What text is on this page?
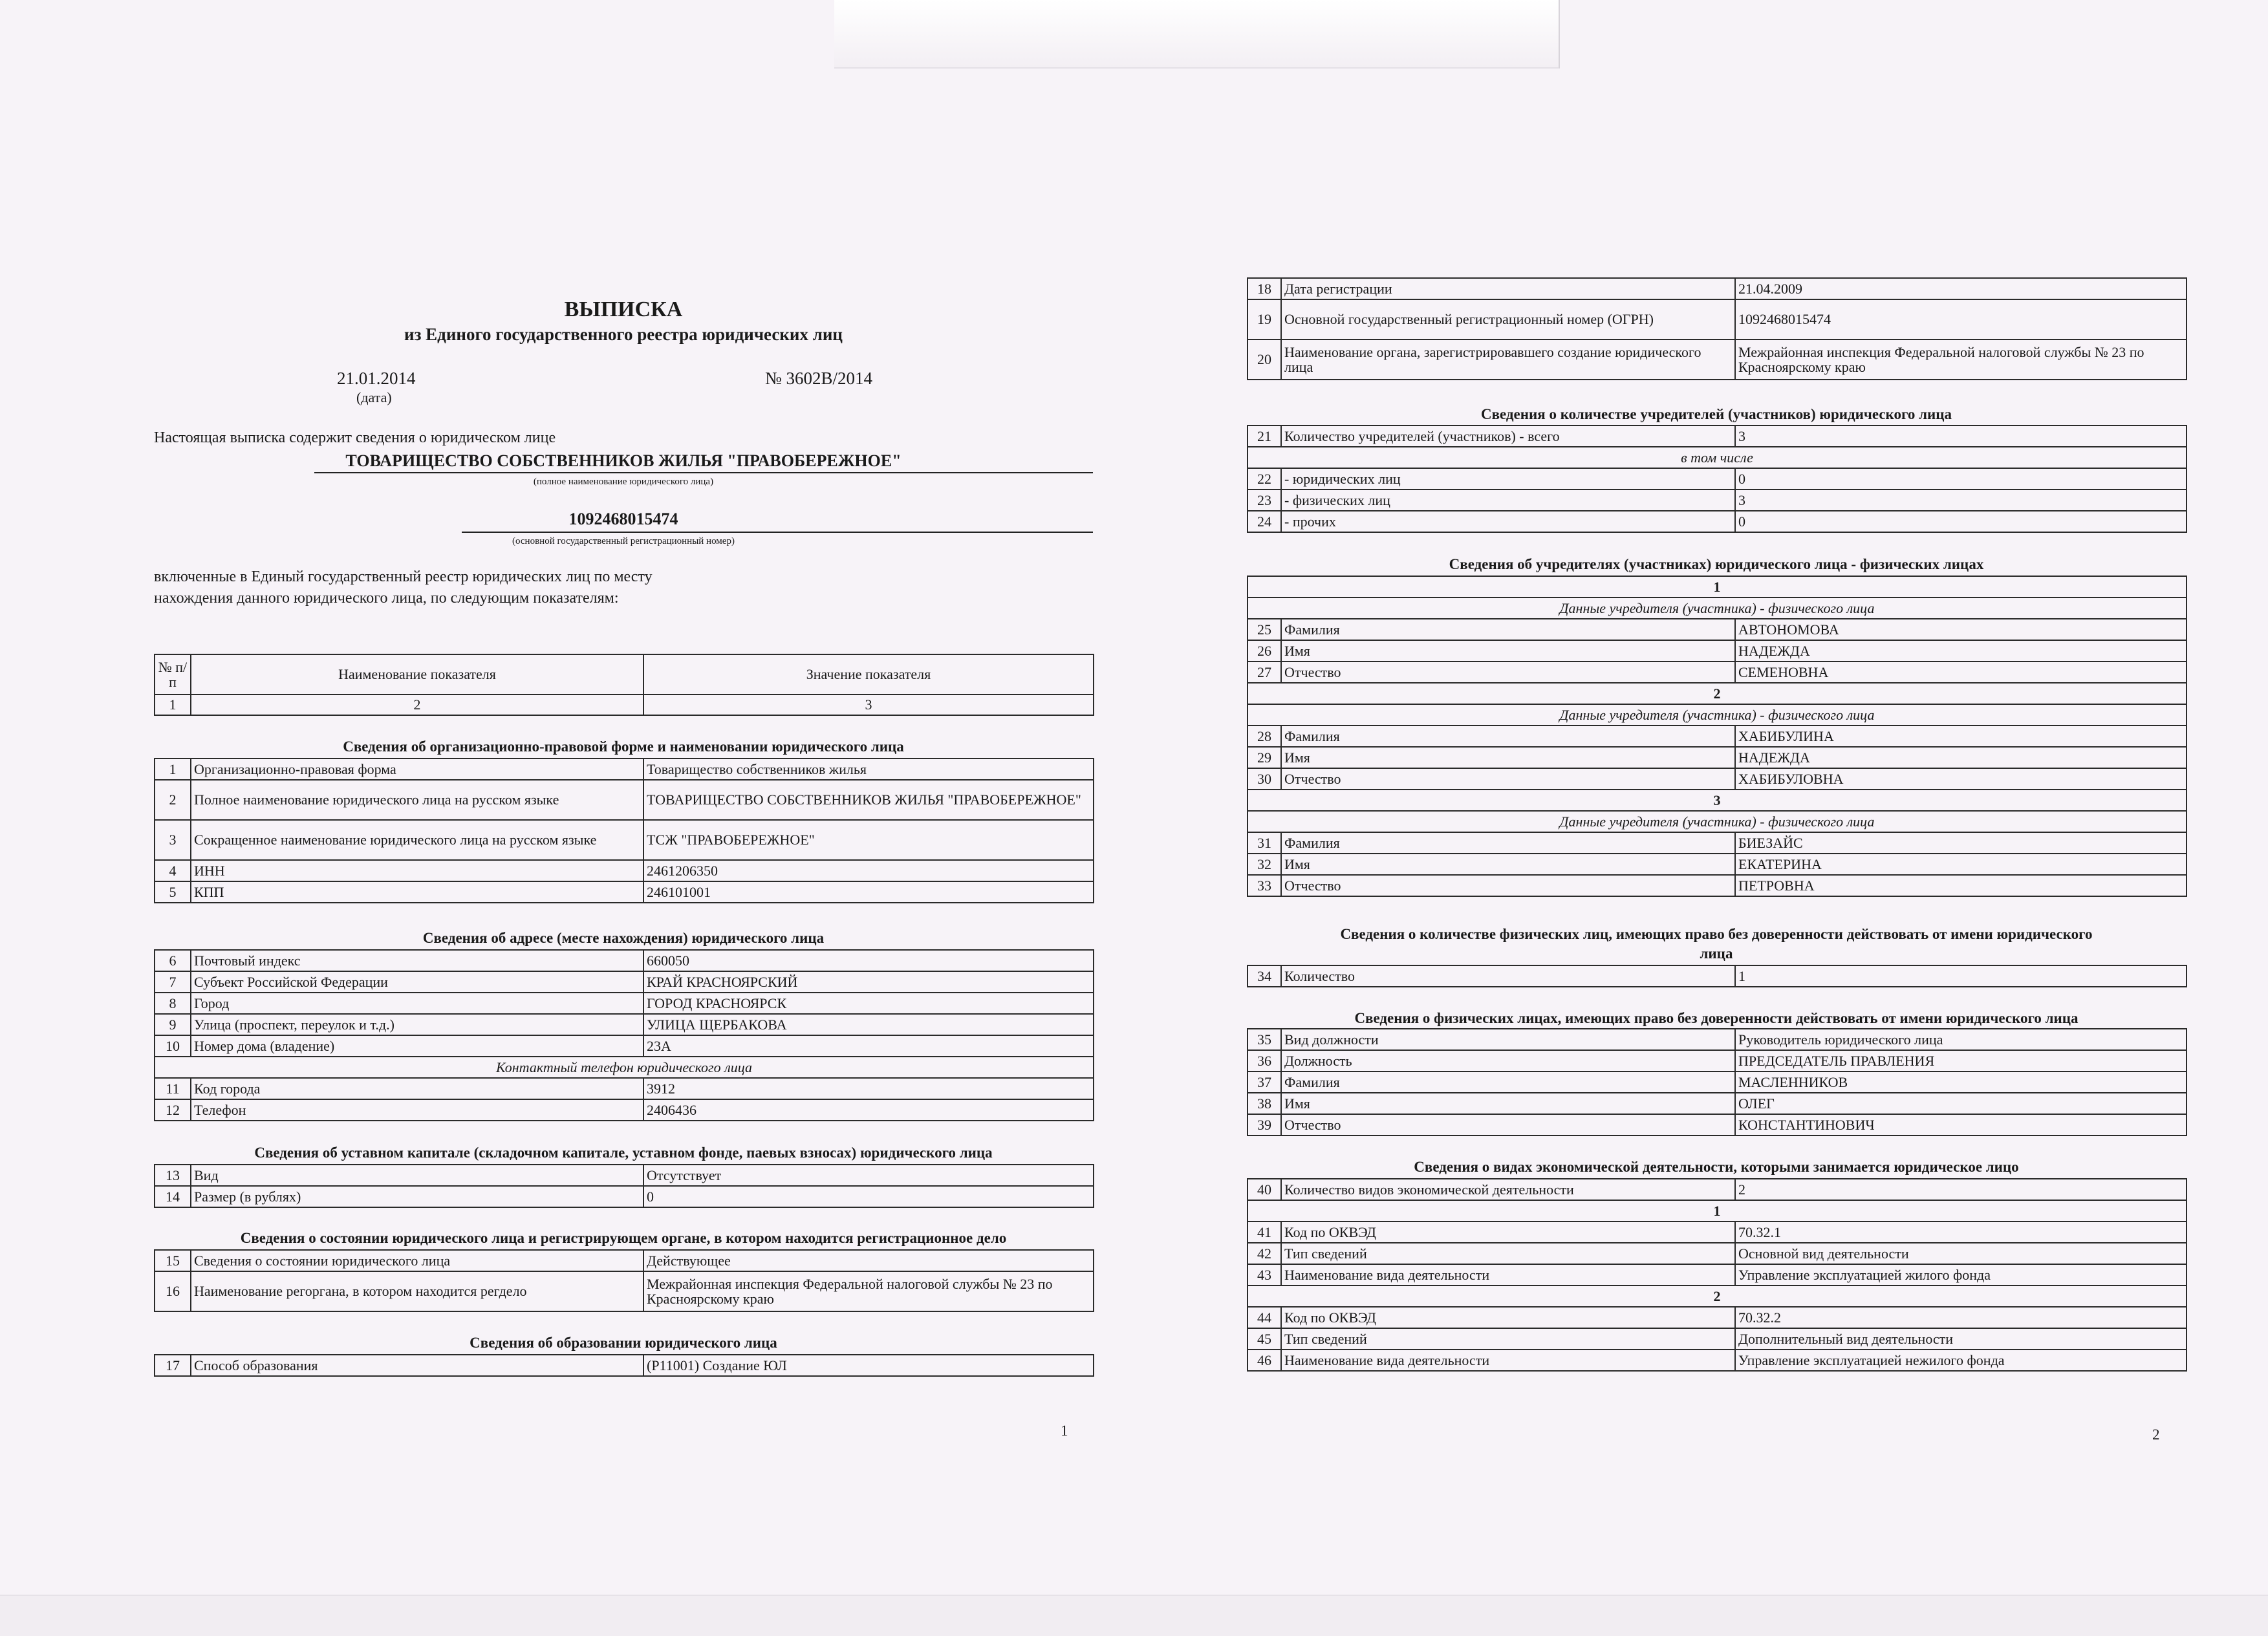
ВЫПИСКА
из Единого государственного реестра юридических лиц
21.01.2014
(дата)
№ 3602В/2014
Настоящая выписка содержит сведения о юридическом лице
ТОВАРИЩЕСТВО СОБСТВЕННИКОВ ЖИЛЬЯ "ПРАВОБЕРЕЖНОЕ"
(полное наименование юридического лица)
1092468015474
(основной государственный регистрационный номер)
включенные в Единый государственный реестр юридических лиц по месту
нахождения данного юридического лица, по следующим показателям:
№ п/п	Наименование показателя	Значение показателя
1	2	3
Сведения об организационно-правовой форме и наименовании юридического лица
1	Организационно-правовая форма	Товарищество собственников жилья
2	Полное наименование юридического лица на русском языке	ТОВАРИЩЕСТВО СОБСТВЕННИКОВ ЖИЛЬЯ "ПРАВОБЕРЕЖНОЕ"
3	Сокращенное наименование юридического лица на русском языке	ТСЖ "ПРАВОБЕРЕЖНОЕ"
4	ИНН	2461206350
5	КПП	246101001
Сведения об адресе (месте нахождения) юридического лица
6	Почтовый индекс	660050
7	Субъект Российской Федерации	КРАЙ КРАСНОЯРСКИЙ
8	Город	ГОРОД КРАСНОЯРСК
9	Улица (проспект, переулок и т.д.)	УЛИЦА ЩЕРБАКОВА
10	Номер дома (владение)	23А
Контактный телефон юридического лица		
11	Код города	3912
12	Телефон	2406436
Сведения об уставном капитале (складочном капитале, уставном фонде, паевых взносах) юридического лица
13	Вид	Отсутствует
14	Размер (в рублях)	0
Сведения о состоянии юридического лица и регистрирующем органе, в котором находится регистрационное дело
15	Сведения о состоянии юридического лица	Действующее
16	Наименование регоргана, в котором находится регдело	Межрайонная инспекция Федеральной налоговой службы № 23 по Красноярскому краю
Сведения об образовании юридического лица
17	Способ образования	(Р11001) Создание ЮЛ
1
18	Дата регистрации	21.04.2009
19	Основной государственный регистрационный номер (ОГРН)	1092468015474
20	Наименование органа, зарегистрировавшего создание юридического лица	Межрайонная инспекция Федеральной налоговой службы № 23 по Красноярскому краю
Сведения о количестве учредителей (участников) юридического лица
21	Количество учредителей (участников) - всего	3
в том числе		
22	- юридических лиц	0
23	- физических лиц	3
24	- прочих	0
Сведения об учредителях (участниках) юридического лица - физических лицах
1		
Данные учредителя (участника) - физического лица		
25	Фамилия	АВТОНОМОВА
26	Имя	НАДЕЖДА
27	Отчество	СЕМЕНОВНА
2		
Данные учредителя (участника) - физического лица		
28	Фамилия	ХАБИБУЛИНА
29	Имя	НАДЕЖДА
30	Отчество	ХАБИБУЛОВНА
3		
Данные учредителя (участника) - физического лица		
31	Фамилия	БИЕЗАЙС
32	Имя	ЕКАТЕРИНА
33	Отчество	ПЕТРОВНА
Сведения о количестве физических лиц, имеющих право без доверенности действовать от имени юридического
лица
34	Количество	1
Сведения о физических лицах, имеющих право без доверенности действовать от имени юридического лица
35	Вид должности	Руководитель юридического лица
36	Должность	ПРЕДСЕДАТЕЛЬ ПРАВЛЕНИЯ
37	Фамилия	МАСЛЕННИКОВ
38	Имя	ОЛЕГ
39	Отчество	КОНСТАНТИНОВИЧ
Сведения о видах экономической деятельности, которыми занимается юридическое лицо
40	Количество видов экономической деятельности	2
1		
41	Код по ОКВЭД	70.32.1
42	Тип сведений	Основной вид деятельности
43	Наименование вида деятельности	Управление эксплуатацией жилого фонда
2		
44	Код по ОКВЭД	70.32.2
45	Тип сведений	Дополнительный вид деятельности
46	Наименование вида деятельности	Управление эксплуатацией нежилого фонда
2
